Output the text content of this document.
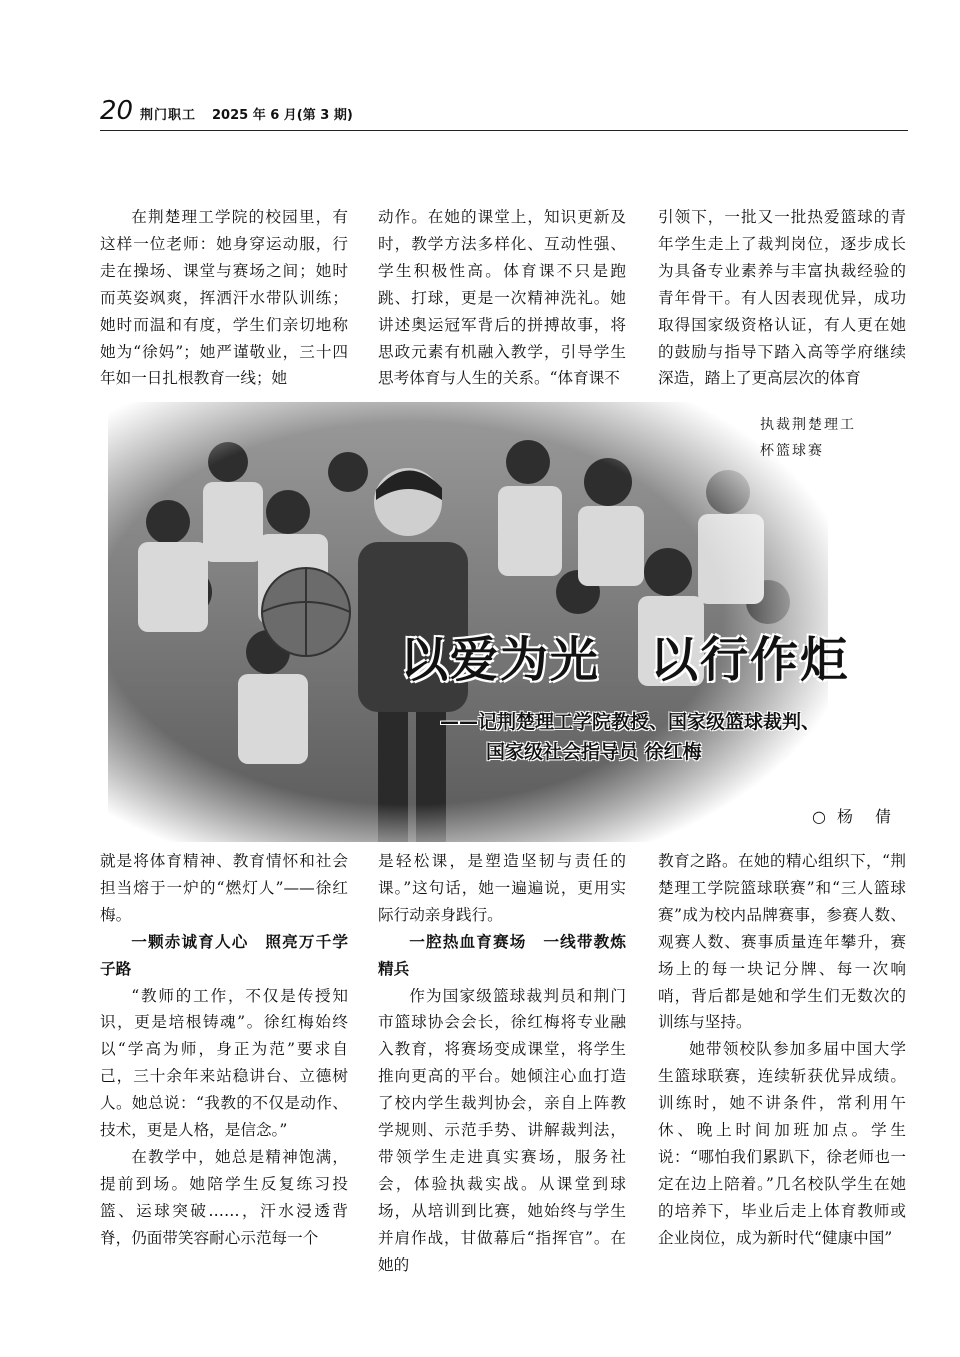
20 荆门职工 2025 年 6 月(第 3 期)

在荆楚理工学院的校园里，有这样一位老师：她身穿运动服，行走在操场、课堂与赛场之间；她时而英姿飒爽，挥洒汗水带队训练；她时而温和有度，学生们亲切地称她为“徐妈”；她严谨敬业，三十四年如一日扎根教育一线；她

动作。在她的课堂上，知识更新及时，教学方法多样化、互动性强、学生积极性高。体育课不只是跑跳、打球，更是一次精神洗礼。她讲述奥运冠军背后的拼搏故事，将思政元素有机融入教学，引导学生思考体育与人生的关系。“体育课不

引领下，一批又一批热爱篮球的青年学生走上了裁判岗位，逐步成长为具备专业素养与丰富执裁经验的青年骨干。有人因表现优异，成功取得国家级资格认证，有人更在她的鼓励与指导下踏入高等学府继续深造，踏上了更高层次的体育

执裁荆楚理工
杯篮球赛
以爱为光　以行作炬
——记荆楚理工学院教授、国家级篮球裁判、
国家级社会指导员 徐红梅
○ 杨　倩

就是将体育精神、教育情怀和社会担当熔于一炉的“燃灯人”——徐红梅。

一颗赤诚育人心　照亮万千学子路

“教师的工作，不仅是传授知识，更是培根铸魂”。徐红梅始终以“学高为师，身正为范”要求自己，三十余年来站稳讲台、立德树人。她总说：“我教的不仅是动作、技术，更是人格，是信念。”

在教学中，她总是精神饱满，提前到场。她陪学生反复练习投篮、运球突破……，汗水浸透背脊，仍面带笑容耐心示范每一个

是轻松课，是塑造坚韧与责任的课。”这句话，她一遍遍说，更用实际行动亲身践行。

一腔热血育赛场　一线带教炼精兵

作为国家级篮球裁判员和荆门市篮球协会会长，徐红梅将专业融入教育，将赛场变成课堂，将学生推向更高的平台。她倾注心血打造了校内学生裁判协会，亲自上阵教学规则、示范手势、讲解裁判法，带领学生走进真实赛场，服务社会，体验执裁实战。从课堂到球场，从培训到比赛，她始终与学生并肩作战，甘做幕后“指挥官”。在她的

教育之路。在她的精心组织下，“荆楚理工学院篮球联赛”和“三人篮球赛”成为校内品牌赛事，参赛人数、观赛人数、赛事质量连年攀升，赛场上的每一块记分牌、每一次响哨，背后都是她和学生们无数次的训练与坚持。

她带领校队参加多届中国大学生篮球联赛，连续斩获优异成绩。训练时，她不讲条件，常利用午休、晚上时间加班加点。学生说：“哪怕我们累趴下，徐老师也一定在边上陪着。”几名校队学生在她的培养下，毕业后走上体育教师或企业岗位，成为新时代“健康中国”
